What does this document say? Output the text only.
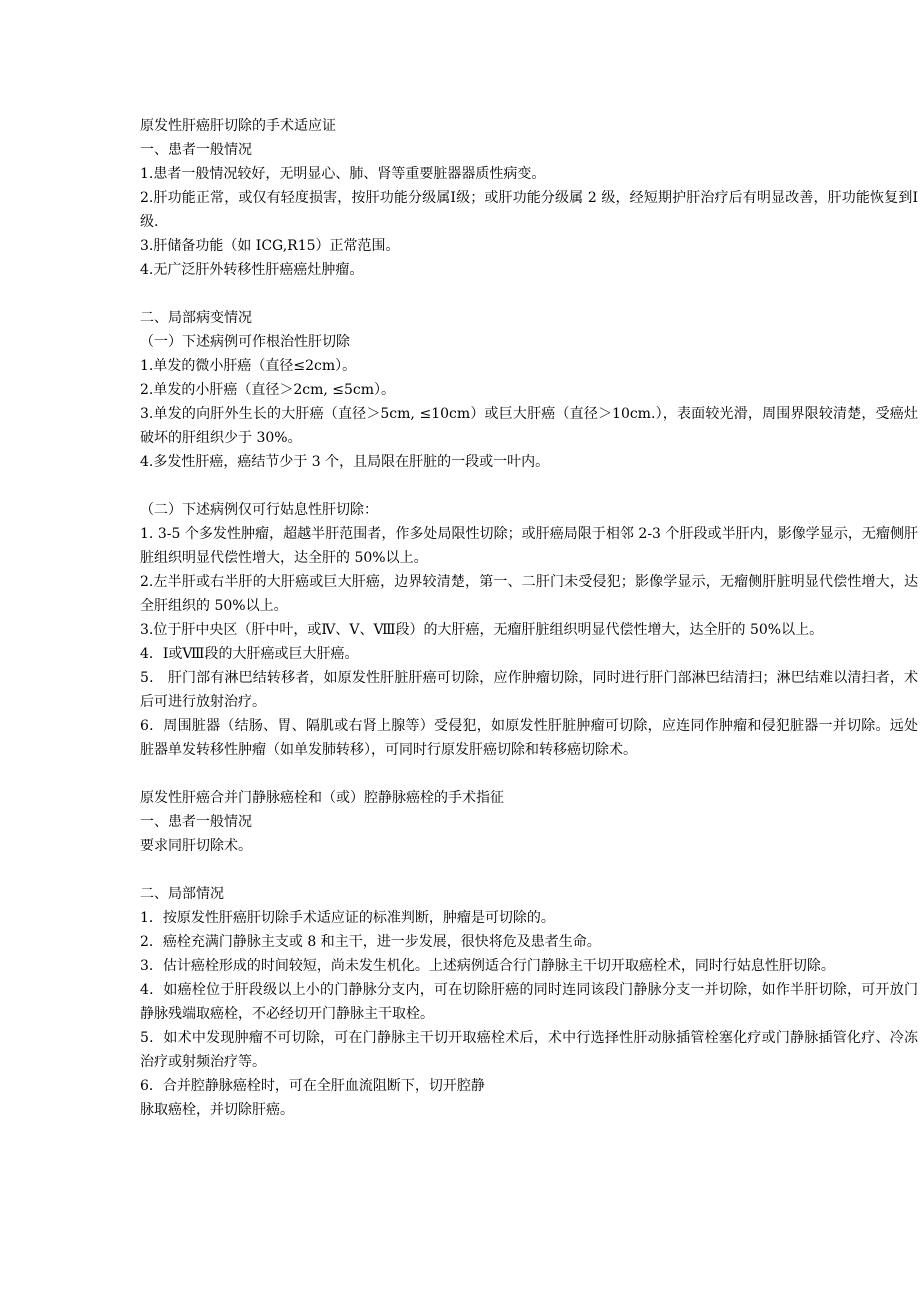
原发性肝癌肝切除的手术适应证

一、患者一般情况

1.患者一般情况较好，无明显心、肺、肾等重要脏器器质性病变。

2.肝功能正常，或仅有轻度损害，按肝功能分级属Ⅰ级；或肝功能分级属 2 级，经短期护肝治疗后有明显改善，肝功能恢复到Ⅰ级.

3.肝储备功能（如 ICG,R15）正常范围。

4.无广泛肝外转移性肝癌癌灶肿瘤。

二、局部病变情况

（一）下述病例可作根治性肝切除

1.单发的微小肝癌（直径≤2cm）。

2.单发的小肝癌（直径＞2cm, ≤5cm）。

3.单发的向肝外生长的大肝癌（直径＞5cm, ≤10cm）或巨大肝癌（直径＞10cm.），表面较光滑，周围界限较清楚，受癌灶破坏的肝组织少于 30%。

4.多发性肝癌，癌结节少于 3 个，且局限在肝脏的一段或一叶内。

（二）下述病例仅可行姑息性肝切除：

1. 3-5 个多发性肿瘤，超越半肝范围者，作多处局限性切除；或肝癌局限于相邻 2-3 个肝段或半肝内，影像学显示，无瘤侧肝脏组织明显代偿性增大，达全肝的 50%以上。

2.左半肝或右半肝的大肝癌或巨大肝癌，边界较清楚，第一、二肝门未受侵犯；影像学显示，无瘤侧肝脏明显代偿性增大，达全肝组织的 50%以上。

3.位于肝中央区（肝中叶，或Ⅳ、Ⅴ、Ⅷ段）的大肝癌，无瘤肝脏组织明显代偿性增大，达全肝的 50%以上。

4．Ⅰ或Ⅷ段的大肝癌或巨大肝癌。

5． 肝门部有淋巴结转移者，如原发性肝脏肝癌可切除，应作肿瘤切除，同时进行肝门部淋巴结清扫；淋巴结难以清扫者，术后可进行放射治疗。

6．周围脏器（结肠、胃、隔肌或右肾上腺等）受侵犯，如原发性肝脏肿瘤可切除，应连同作肿瘤和侵犯脏器一并切除。远处脏器单发转移性肿瘤（如单发肺转移），可同时行原发肝癌切除和转移癌切除术。

原发性肝癌合并门静脉癌栓和（或）腔静脉癌栓的手术指征

一、患者一般情况

要求同肝切除术。

二、局部情况

1．按原发性肝癌肝切除手术适应证的标准判断，肿瘤是可切除的。

2．癌栓充满门静脉主支或 8 和主干，进一步发展，很快将危及患者生命。

3．估计癌栓形成的时间较短，尚未发生机化。上述病例适合行门静脉主干切开取癌栓术，同时行姑息性肝切除。

4．如癌栓位于肝段级以上小的门静脉分支内，可在切除肝癌的同时连同该段门静脉分支一并切除，如作半肝切除，可开放门静脉残端取癌栓，不必经切开门静脉主干取栓。

5．如术中发现肿瘤不可切除，可在门静脉主干切开取癌栓术后，术中行选择性肝动脉插管栓塞化疗或门静脉插管化疗、冷冻治疗或射频治疗等。

6．合并腔静脉癌栓时，可在全肝血流阻断下，切开腔静

脉取癌栓，并切除肝癌。
